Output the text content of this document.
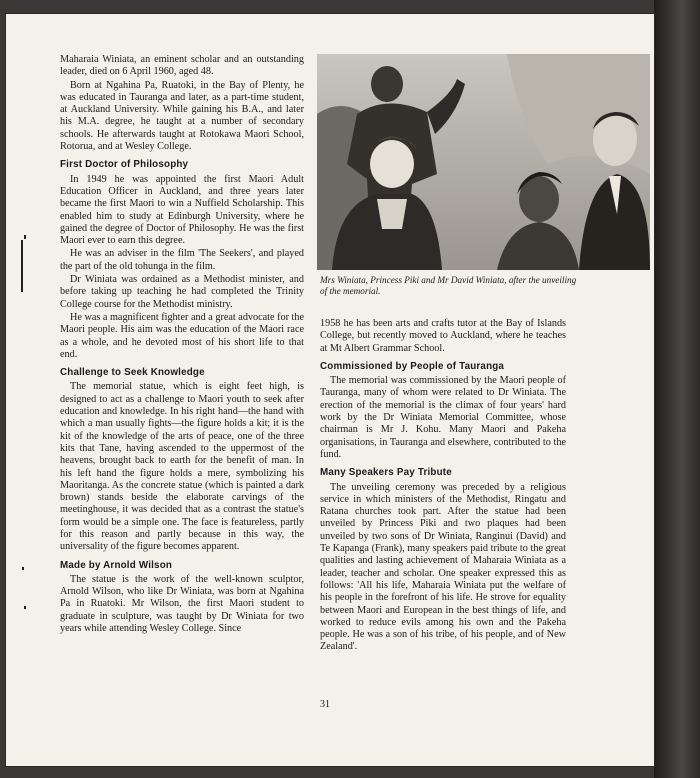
Maharaia Winiata, an eminent scholar and an outstanding leader, died on 6 April 1960, aged 48.

Born at Ngahina Pa, Ruatoki, in the Bay of Plenty, he was educated in Tauranga and later, as a part-time student, at Auckland University. While gaining his B.A., and later his M.A. degree, he taught at a number of secondary schools. He afterwards taught at Rotokawa Maori School, Rotorua, and at Wesley College.

First Doctor of Philosophy

In 1949 he was appointed the first Maori Adult Education Officer in Auckland, and three years later became the first Maori to win a Nuffield Scholarship. This enabled him to study at Edinburgh University, where he gained the degree of Doctor of Philosophy. He was the first Maori ever to earn this degree.

He was an adviser in the film 'The Seekers', and played the part of the old tohunga in the film.

Dr Winiata was ordained as a Methodist minister, and before taking up teaching he had completed the Trinity College course for the Methodist ministry.

He was a magnificent fighter and a great advocate for the Maori people. His aim was the education of the Maori race as a whole, and he devoted most of his short life to that end.

Challenge to Seek Knowledge

The memorial statue, which is eight feet high, is designed to act as a challenge to Maori youth to seek after education and knowledge. In his right hand—the hand with which a man usually fights—the figure holds a kit; it is the kit of the knowledge of the arts of peace, one of the three kits that Tane, having ascended to the uppermost of the heavens, brought back to earth for the benefit of man. In his left hand the figure holds a mere, symbolizing his Maoritanga. As the concrete statue (which is painted a dark brown) stands beside the elaborate carvings of the meetinghouse, it was decided that as a contrast the statue's form would be a simple one. The face is featureless, partly for this reason and partly because in this way, the universality of the figure becomes apparent.

Made by Arnold Wilson

The statue is the work of the well-known sculptor, Arnold Wilson, who like Dr Winiata, was born at Ngahina Pa in Ruatoki. Mr Wilson, the first Maori student to graduate in sculpture, was taught by Dr Winiata for two years while attending Wesley College. Since

Mrs Winiata, Princess Piki and Mr David Winiata, after the unveiling of the memorial.

1958 he has been arts and crafts tutor at the Bay of Islands College, but recently moved to Auckland, where he teaches at Mt Albert Grammar School.

Commissioned by People of Tauranga

The memorial was commissioned by the Maori people of Tauranga, many of whom were related to Dr Winiata. The erection of the memorial is the climax of four years' hard work by the Dr Winiata Memorial Committee, whose chairman is Mr J. Kohu. Many Maori and Pakeha organisations, in Tauranga and elsewhere, contributed to the fund.

Many Speakers Pay Tribute

The unveiling ceremony was preceded by a religious service in which ministers of the Methodist, Ringatu and Ratana churches took part. After the statue had been unveiled by Princess Piki and two plaques had been unveiled by two sons of Dr Winiata, Ranginui (David) and Te Kapanga (Frank), many speakers paid tribute to the great qualities and lasting achievement of Maharaia Winiata as a leader, teacher and scholar. One speaker expressed this as follows: 'All his life, Maharaia Winiata put the welfare of his people in the forefront of his life. He strove for equality between Maori and European in the best things of life, and worked to reduce evils among his own and the Pakeha people. He was a son of his tribe, of his people, and of New Zealand'.

31
